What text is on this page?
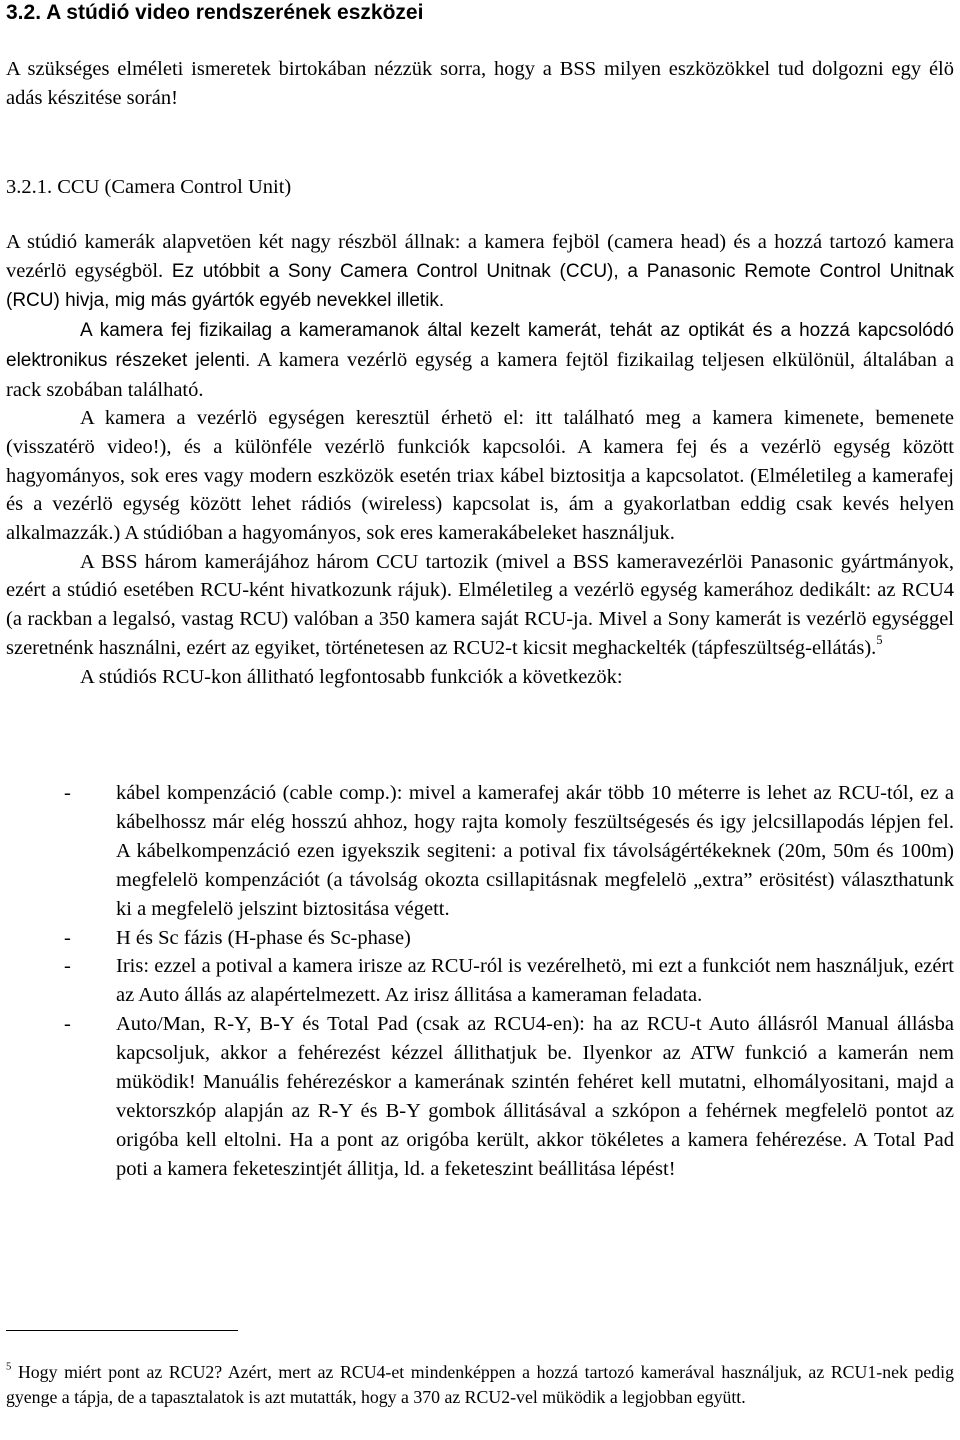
3.2. A stúdió video rendszerének eszközei
A szükséges elméleti ismeretek birtokában nézzük sorra, hogy a BSS milyen eszközökkel tud dolgozni egy élö adás készitése során!
3.2.1. CCU (Camera Control Unit)

A stúdió kamerák alapvetöen két nagy részböl állnak: a kamera fejböl (camera head) és a hozzá tartozó kamera vezérlö egységböl. Ez utóbbit a Sony Camera Control Unitnak (CCU), a Panasonic Remote Control Unitnak (RCU) hivja, mig más gyártók egyéb nevekkel illetik.

A kamera fej fizikailag a kameramanok által kezelt kamerát, tehát az optikát és a hozzá kapcsolódó elektronikus részeket jelenti. A kamera vezérlö egység a kamera fejtöl fizikailag teljesen elkülönül, általában a rack szobában található.

A kamera a vezérlö egységen keresztül érhetö el: itt található meg a kamera kimenete, bemenete (visszatérö video!), és a különféle vezérlö funkciók kapcsolói. A kamera fej és a vezérlö egység között hagyományos, sok eres vagy modern eszközök esetén triax kábel biztositja a kapcsolatot. (Elméletileg a kamerafej és a vezérlö egység között lehet rádiós (wireless) kapcsolat is, ám a gyakorlatban eddig csak kevés helyen alkalmazzák.) A stúdióban a hagyományos, sok eres kamerakábeleket használjuk.

A BSS három kamerájához három CCU tartozik (mivel a BSS kameravezérlöi Panasonic gyártmányok, ezért a stúdió esetében RCU-ként hivatkozunk rájuk). Elméletileg a vezérlö egység kamerához dedikált: az RCU4 (a rackban a legalsó, vastag RCU) valóban a 350 kamera saját RCU-ja. Mivel a Sony kamerát is vezérlö egységgel szeretnénk használni, ezért az egyiket, történetesen az RCU2-t kicsit meghackelték (tápfeszültség-ellátás).$^5$

A stúdiós RCU-kon állitható legfontosabb funkciók a következök:

- kábel kompenzáció (cable comp.): mivel a kamerafej akár több 10 méterre is lehet az RCU-tól, ez a kábelhossz már elég hosszú ahhoz, hogy rajta komoly feszültségesés és igy jelcsillapodás lépjen fel. A kábelkompenzáció ezen igyekszik segiteni: a potival fix távolságértékeknek (20m, 50m és 100m) megfelelö kompenzációt (a távolság okozta csillapitásnak megfelelö „extra” erösitést) választhatunk ki a megfelelö jelszint biztositása végett.
- H és Sc fázis (H-phase és Sc-phase)
- Iris: ezzel a potival a kamera irisze az RCU-ról is vezérelhetö, mi ezt a funkciót nem használjuk, ezért az Auto állás az alapértelmezett. Az irisz állitása a kameraman feladata.
- Auto/Man, R-Y, B-Y és Total Pad (csak az RCU4-en): ha az RCU-t Auto állásról Manual állásba kapcsoljuk, akkor a fehérezést kézzel állithatjuk be. Ilyenkor az ATW funkció a kamerán nem müködik! Manuális fehérezéskor a kamerának szintén fehéret kell mutatni, elhomályositani, majd a vektorszkóp alapján az R-Y és B-Y gombok állitásával a szkópon a fehérnek megfelelö pontot az origóba kell eltolni. Ha a pont az origóba került, akkor tökéletes a kamera fehérezése. A Total Pad poti a kamera feketeszintjét állitja, ld. a feketeszint beállitása lépést!
$^5$ Hogy miért pont az RCU2? Azért, mert az RCU4-et mindenképpen a hozzá tartozó kamerával használjuk, az RCU1-nek pedig gyenge a tápja, de a tapasztalatok is azt mutatták, hogy a 370 az RCU2-vel müködik a legjobban együtt.
